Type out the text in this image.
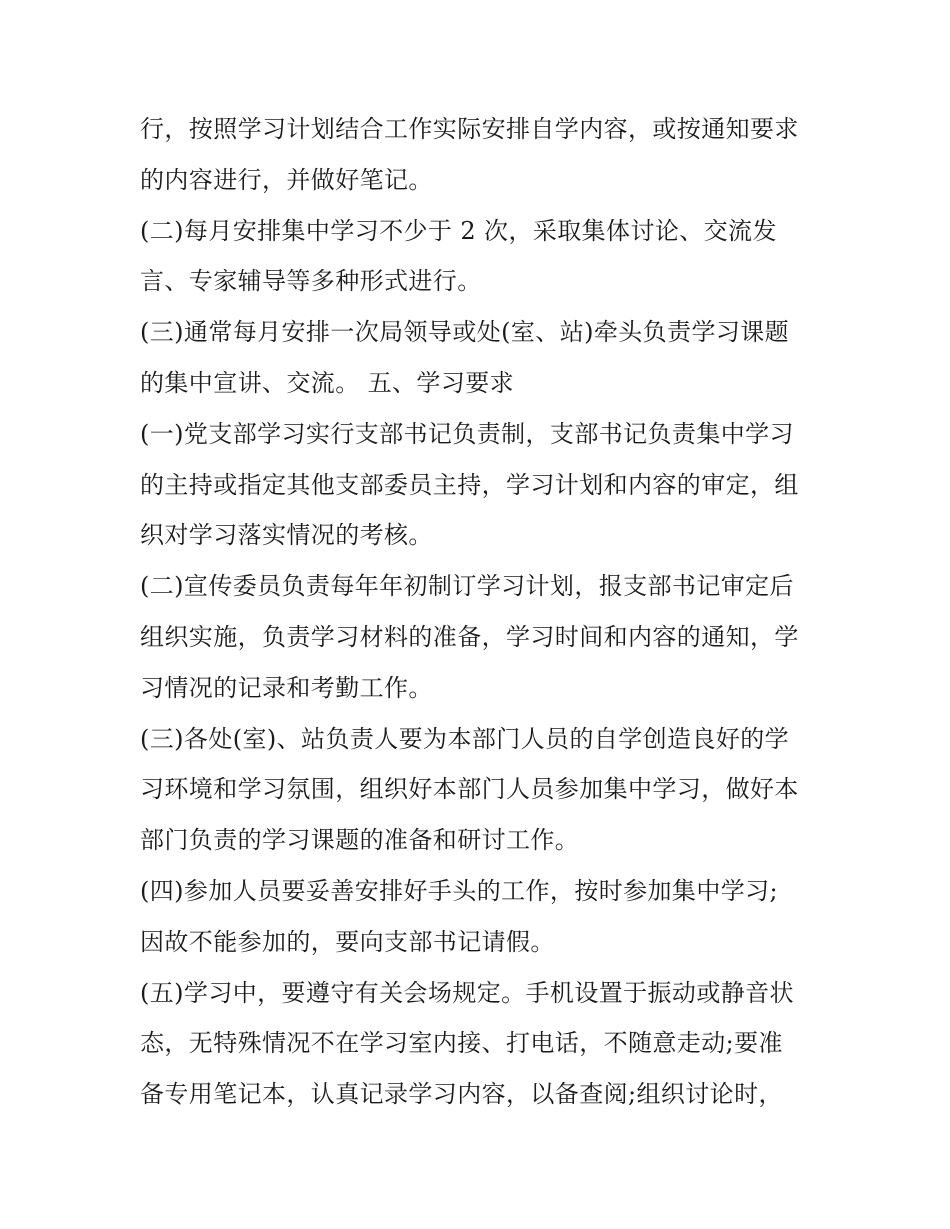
行，按照学习计划结合工作实际安排自学内容，或按通知要求
的内容进行，并做好笔记。
(二)每月安排集中学习不少于 2 次，采取集体讨论、交流发
言、专家辅导等多种形式进行。
(三)通常每月安排一次局领导或处(室、站)牵头负责学习课题
的集中宣讲、交流。 五、学习要求
(一)党支部学习实行支部书记负责制，支部书记负责集中学习
的主持或指定其他支部委员主持，学习计划和内容的审定，组
织对学习落实情况的考核。
(二)宣传委员负责每年年初制订学习计划，报支部书记审定后
组织实施，负责学习材料的准备，学习时间和内容的通知，学
习情况的记录和考勤工作。
(三)各处(室)、站负责人要为本部门人员的自学创造良好的学
习环境和学习氛围，组织好本部门人员参加集中学习，做好本
部门负责的学习课题的准备和研讨工作。
(四)参加人员要妥善安排好手头的工作，按时参加集中学习;
因故不能参加的，要向支部书记请假。
(五)学习中，要遵守有关会场规定。手机设置于振动或静音状
态，无特殊情况不在学习室内接、打电话，不随意走动;要准
备专用笔记本，认真记录学习内容，以备查阅;组织讨论时，
